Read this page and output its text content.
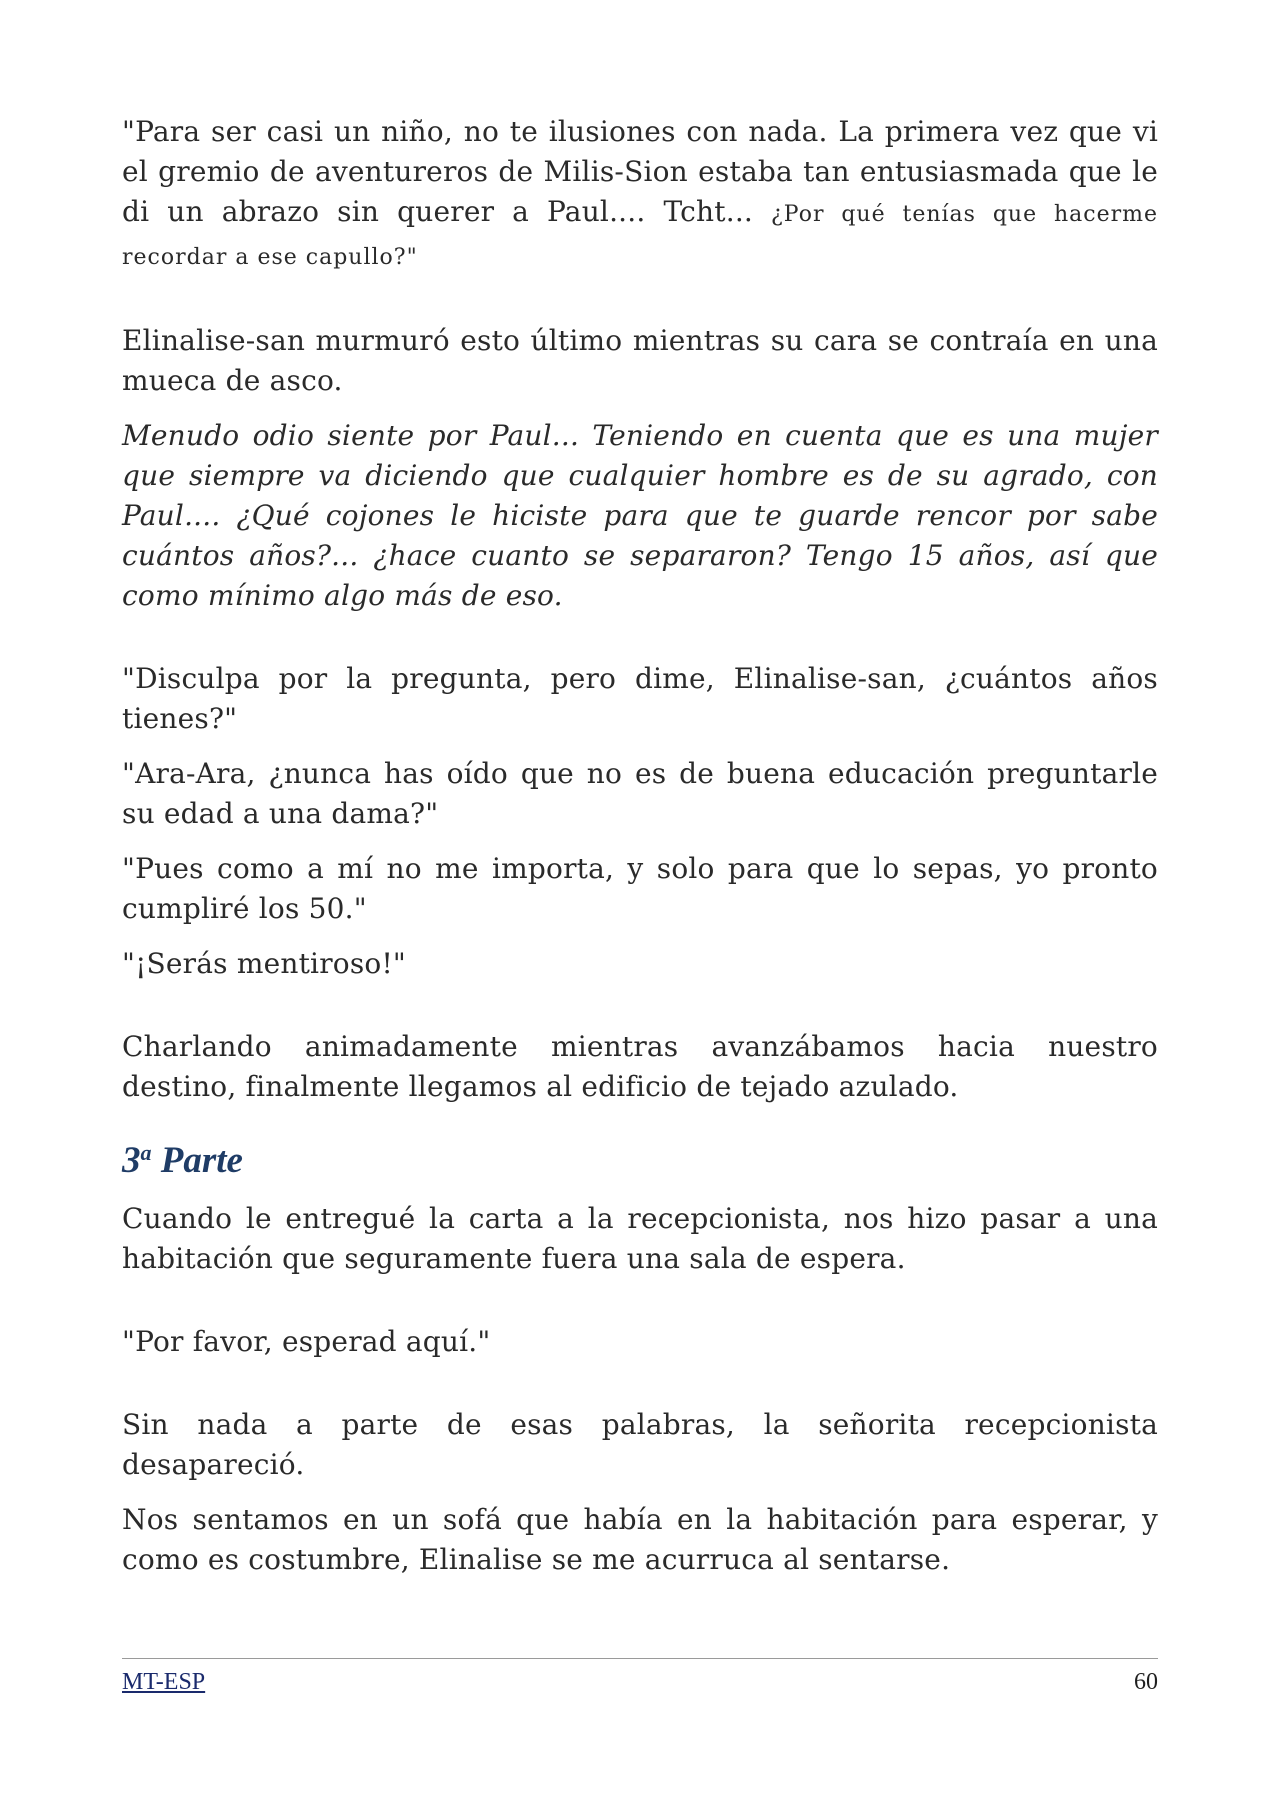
"Para ser casi un niño, no te ilusiones con nada. La primera vez que vi el gremio de aventureros de Milis-Sion estaba tan entusiasmada que le di un abrazo sin querer a Paul.... Tcht... ¿Por qué tenías que hacerme recordar a ese capullo?"

Elinalise-san murmuró esto último mientras su cara se contraía en una mueca de asco.

Menudo odio siente por Paul... Teniendo en cuenta que es una mujer que siempre va diciendo que cualquier hombre es de su agrado, con Paul.... ¿Qué cojones le hiciste para que te guarde rencor por sabe cuántos años?... ¿hace cuanto se separaron? Tengo 15 años, así que como mínimo algo más de eso.

"Disculpa por la pregunta, pero dime, Elinalise-san, ¿cuántos años tienes?"

"Ara-Ara, ¿nunca has oído que no es de buena educación preguntarle su edad a una dama?"

"Pues como a mí no me importa, y solo para que lo sepas, yo pronto cumpliré los 50."

"¡Serás mentiroso!"

Charlando animadamente mientras avanzábamos hacia nuestro destino, finalmente llegamos al edificio de tejado azulado.

3$^a$ Parte

Cuando le entregué la carta a la recepcionista, nos hizo pasar a una habitación que seguramente fuera una sala de espera.

"Por favor, esperad aquí."

Sin nada a parte de esas palabras, la señorita recepcionista desapareció.

Nos sentamos en un sofá que había en la habitación para esperar, y como es costumbre, Elinalise se me acurruca al sentarse.

MT-ESP	60
